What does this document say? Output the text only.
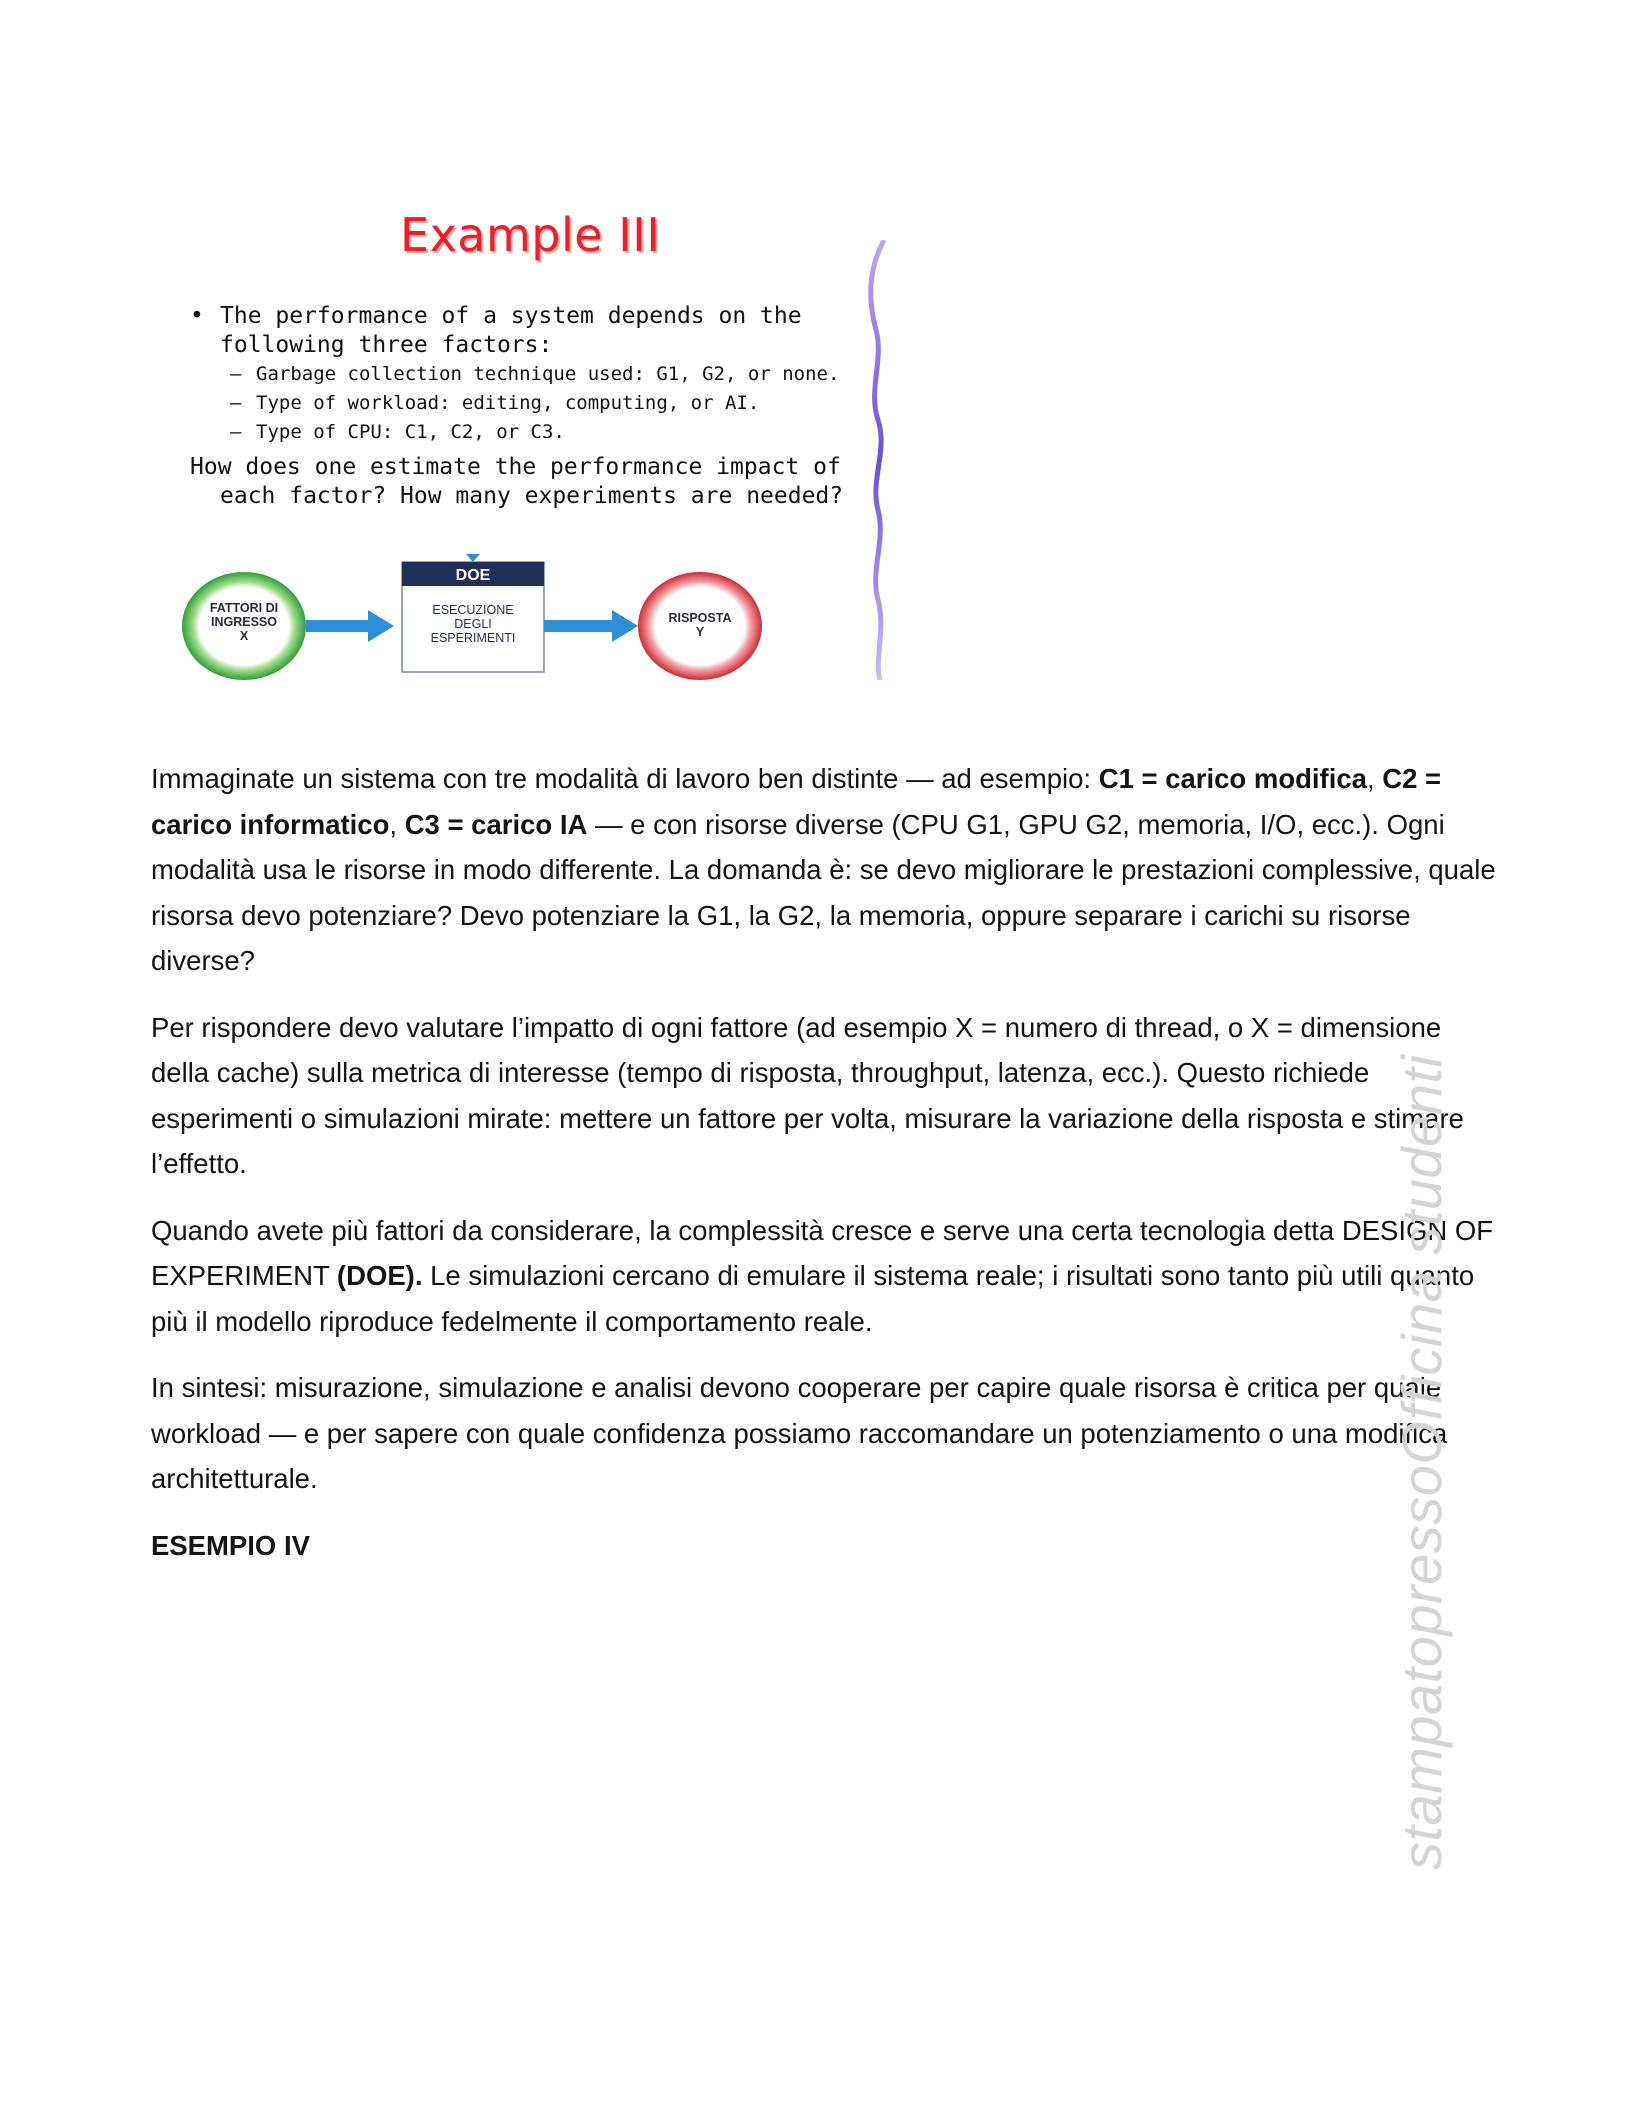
Example III
• The performance of a system depends on the following three factors:
– Garbage collection technique used: G1, G2, or none.
– Type of workload: editing, computing, or AI.
– Type of CPU: C1, C2, or C3.
How does one estimate the performance impact of each factor? How many experiments are needed?
FATTORI DI
INGRESSO
X
DOE
ESECUZIONE
DEGLI
ESPERIMENTI
RISPOSTA
Y

Immaginate un sistema con tre modalità di lavoro ben distinte — ad esempio: C1 = carico modifica, C2 = carico informatico, C3 = carico IA — e con risorse diverse (CPU G1, GPU G2, memoria, I/O, ecc.). Ogni modalità usa le risorse in modo differente. La domanda è: se devo migliorare le prestazioni complessive, quale risorsa devo potenziare? Devo potenziare la G1, la G2, la memoria, oppure separare i carichi su risorse diverse?

Per rispondere devo valutare l’impatto di ogni fattore (ad esempio X = numero di thread, o X = dimensione della cache) sulla metrica di interesse (tempo di risposta, throughput, latenza, ecc.). Questo richiede esperimenti o simulazioni mirate: mettere un fattore per volta, misurare la variazione della risposta e stimare l’effetto.

Quando avete più fattori da considerare, la complessità cresce e serve una certa tecnologia detta DESIGN OF EXPERIMENT (DOE). Le simulazioni cercano di emulare il sistema reale; i risultati sono tanto più utili quanto più il modello riproduce fedelmente il comportamento reale.

In sintesi: misurazione, simulazione e analisi devono cooperare per capire quale risorsa è critica per quale workload — e per sapere con quale confidenza possiamo raccomandare un potenziamento o una modifica architetturale.

ESEMPIO IV	stampatopressoOfficina studenti
